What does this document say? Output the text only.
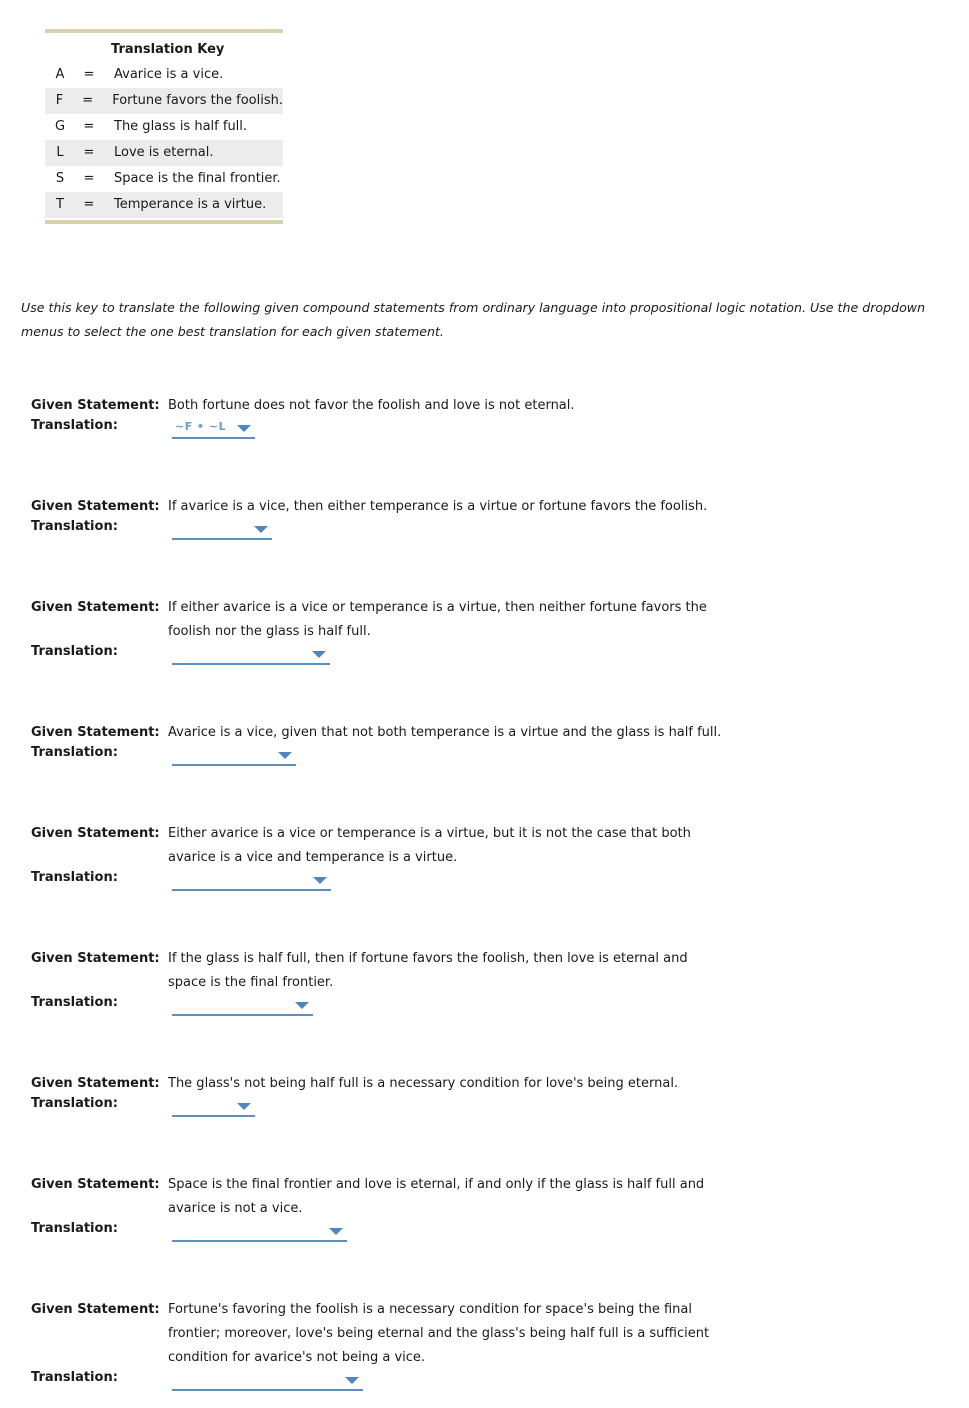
Translation Key
A	=	Avarice is a vice.
F	=	Fortune favors the foolish.
G	=	The glass is half full.
L	=	Love is eternal.
S	=	Space is the final frontier.
T	=	Temperance is a virtue.
Use this key to translate the following given compound statements from ordinary language into propositional logic notation. Use the dropdown menus to select the one best translation for each given statement.
Given Statement: Both fortune does not favor the foolish and love is not eternal.
Translation:	~F • ~L
Given Statement: If avarice is a vice, then either temperance is a virtue or fortune favors the foolish.
Translation:
Given Statement: If either avarice is a vice or temperance is a virtue, then neither fortune favors the foolish nor the glass is half full.
Translation:
Given Statement: Avarice is a vice, given that not both temperance is a virtue and the glass is half full.
Translation:
Given Statement: Either avarice is a vice or temperance is a virtue, but it is not the case that both avarice is a vice and temperance is a virtue.
Translation:
Given Statement: If the glass is half full, then if fortune favors the foolish, then love is eternal and space is the final frontier.
Translation:
Given Statement: The glass's not being half full is a necessary condition for love's being eternal.
Translation:
Given Statement: Space is the final frontier and love is eternal, if and only if the glass is half full and avarice is not a vice.
Translation:
Given Statement: Fortune's favoring the foolish is a necessary condition for space's being the final frontier; moreover, love's being eternal and the glass's being half full is a sufficient condition for avarice's not being a vice.
Translation:
